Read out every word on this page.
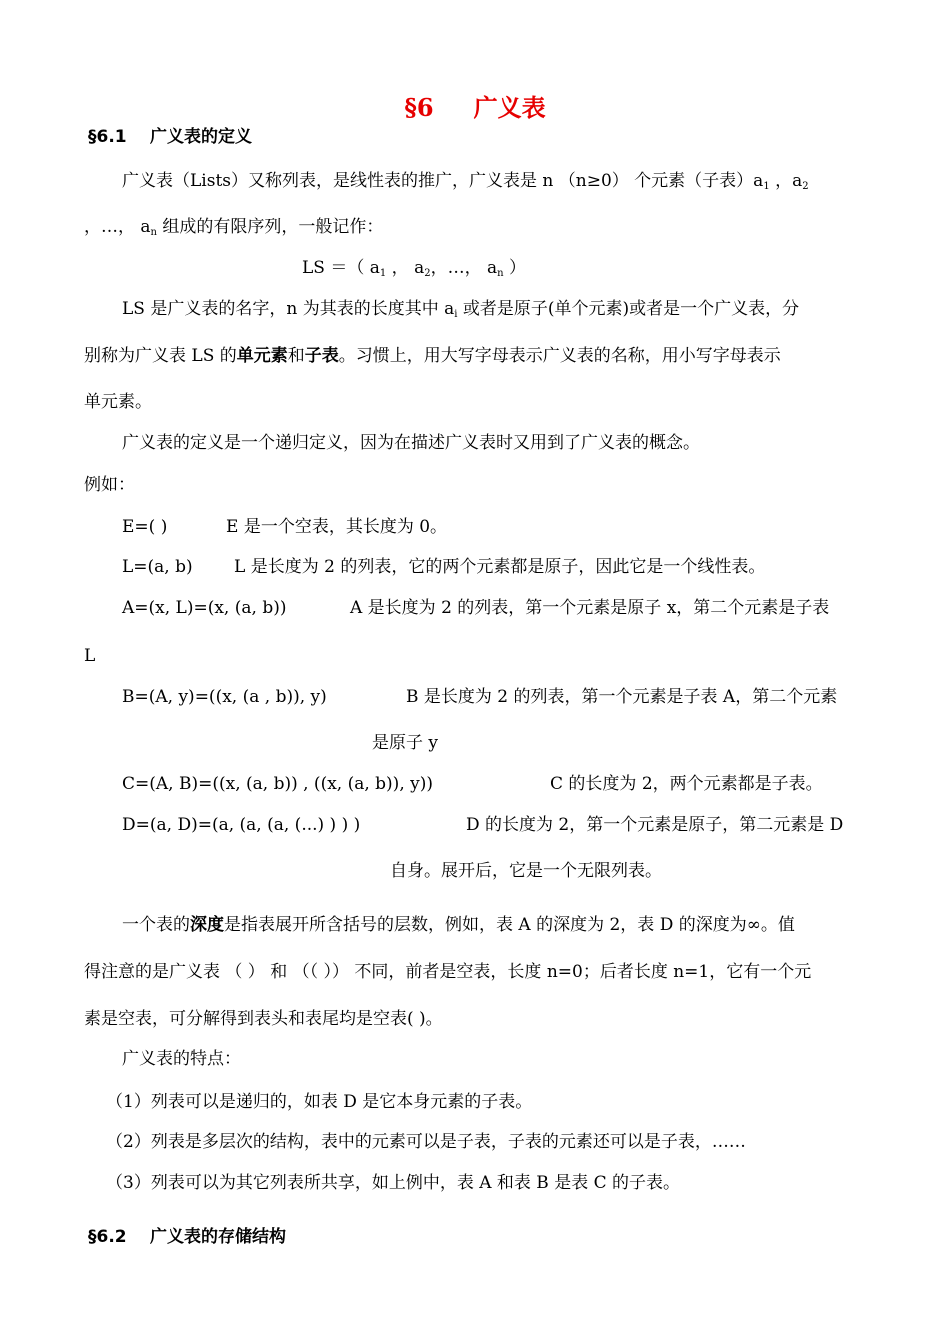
§6 广义表
§6.1 广义表的定义
广义表（Lists）又称列表，是线性表的推广，广义表是 n （n≥0） 个元素（子表）$a_1$ ，$a_2$
，…， $a_n$ 组成的有限序列，一般记作：
LS ＝（ $a_1$ ， $a_2$，…， $a_n$ ）
LS 是广义表的名字，n 为其表的长度其中 $a_i$ 或者是原子(单个元素)或者是一个广义表，分
别称为广义表 LS 的单元素和子表。习惯上，用大写字母表示广义表的名称，用小写字母表示
单元素。
广义表的定义是一个递归定义，因为在描述广义表时又用到了广义表的概念。
例如：
E=( )	E 是一个空表，其长度为 0。
L=(a, b) L 是长度为 2 的列表，它的两个元素都是原子，因此它是一个线性表。
A=(x, L)=(x, (a, b))	A 是长度为 2 的列表，第一个元素是原子 x，第二个元素是子表
L
B=(A, y)=((x, (a , b)), y)	B 是长度为 2 的列表，第一个元素是子表 A，第二个元素
是原子 y
C=(A, B)=((x, (a, b)) , ((x, (a, b)), y))	C 的长度为 2，两个元素都是子表。
D=(a, D)=(a, (a, (a, (...) ) ) )	D 的长度为 2，第一个元素是原子，第二元素是 D
自身。展开后，它是一个无限列表。
一个表的深度是指表展开所含括号的层数，例如，表 A 的深度为 2，表 D 的深度为∞。值
得注意的是广义表 （ ） 和 （（ ）） 不同，前者是空表，长度 n=0；后者长度 n=1，它有一个元
素是空表，可分解得到表头和表尾均是空表( )。
广义表的特点：
（1）列表可以是递归的，如表 D 是它本身元素的子表。
（2）列表是多层次的结构，表中的元素可以是子表，子表的元素还可以是子表，……
（3）列表可以为其它列表所共享，如上例中，表 A 和表 B 是表 C 的子表。
§6.2 广义表的存储结构
